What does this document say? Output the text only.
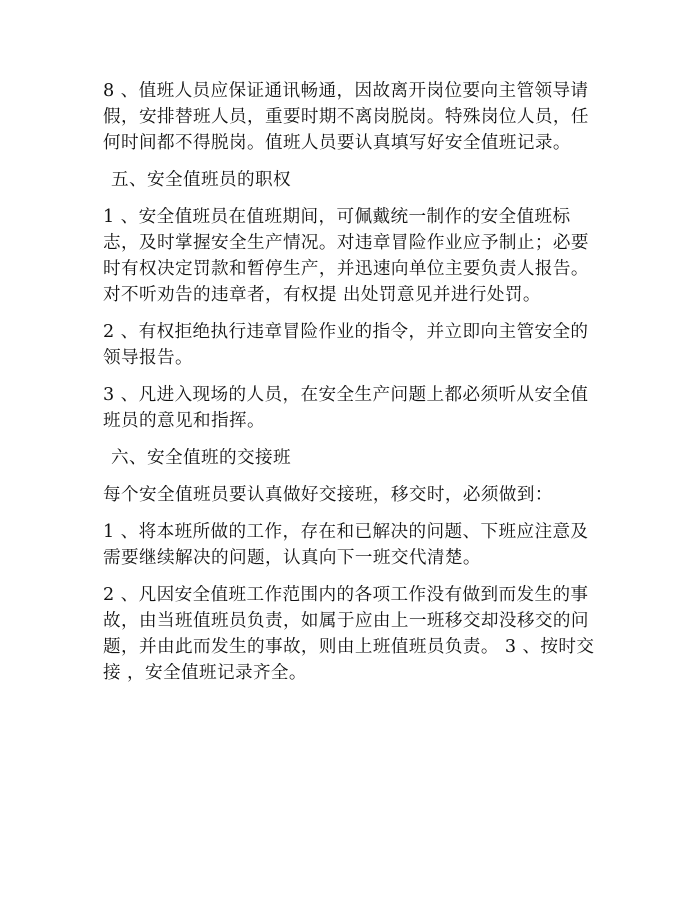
8 、值班人员应保证通讯畅通，因故离开岗位要向主管领导请假，安排替班人员，重要时期不离岗脱岗。特殊岗位人员，任何时间都不得脱岗。值班人员要认真填写好安全值班记录。

五、安全值班员的职权

1 、安全值班员在值班期间，可佩戴统一制作的安全值班标志，及时掌握安全生产情况。对违章冒险作业应予制止；必要时有权决定罚款和暂停生产，并迅速向单位主要负责人报告。对不听劝告的违章者，有权提 出处罚意见并进行处罚。

2 、有权拒绝执行违章冒险作业的指令，并立即向主管安全的领导报告。

3 、凡进入现场的人员，在安全生产问题上都必须听从安全值班员的意见和指挥。

六、安全值班的交接班

每个安全值班员要认真做好交接班，移交时，必须做到：

1 、将本班所做的工作，存在和已解决的问题、下班应注意及需要继续解决的问题，认真向下一班交代清楚。

2 、凡因安全值班工作范围内的各项工作没有做到而发生的事故，由当班值班员负责，如属于应由上一班移交却没移交的问题，并由此而发生的事故，则由上班值班员负责。 3 、按时交接 ，安全值班记录齐全。
